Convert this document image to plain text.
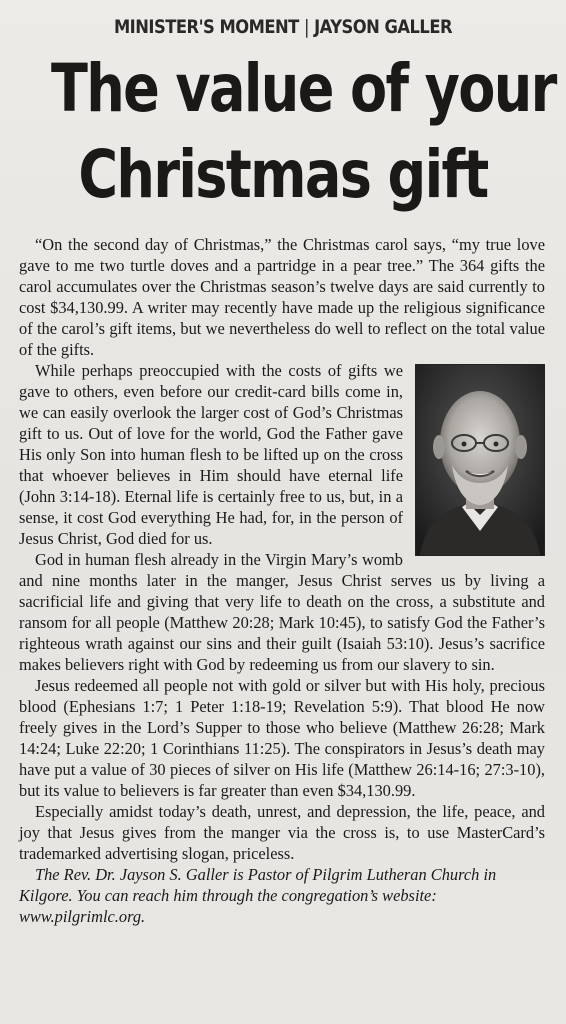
MINISTER'S MOMENT | JAYSON GALLER
The value of your
Christmas gift

“On the second day of Christmas,” the Christmas carol says, “my true love gave to me two turtle doves and a partridge in a pear tree.” The 364 gifts the carol accumulates over the Christmas season’s twelve days are said currently to cost $34,130.99. A writer may recently have made up the religious significance of the carol’s gift items, but we nevertheless do well to reflect on the total value of the gifts.

While perhaps preoccupied with the costs of gifts we gave to others, even before our credit-card bills come in, we can easily overlook the larger cost of God’s Christmas gift to us. Out of love for the world, God the Father gave His only Son into human flesh to be lifted up on the cross that whoever believes in Him should have eternal life (John 3:14-18). Eternal life is certainly free to us, but, in a sense, it cost God everything He had, for, in the person of Jesus Christ, God died for us.

God in human flesh already in the Virgin Mary’s womb and nine months later in the manger, Jesus Christ serves us by living a sacrificial life and giving that very life to death on the cross, a substitute and ransom for all people (Matthew 20:28; Mark 10:45), to satisfy God the Father’s righteous wrath against our sins and their guilt (Isaiah 53:10). Jesus’s sacrifice makes believers right with God by redeeming us from our slavery to sin.

Jesus redeemed all people not with gold or silver but with His holy, precious blood (Ephesians 1:7; 1 Peter 1:18-19; Revelation 5:9). That blood He now freely gives in the Lord’s Supper to those who believe (Matthew 26:28; Mark 14:24; Luke 22:20; 1 Corinthians 11:25). The conspirators in Jesus’s death may have put a value of 30 pieces of silver on His life (Matthew 26:14-16; 27:3-10), but its value to believers is far greater than even $34,130.99.

Especially amidst today’s death, unrest, and depression, the life, peace, and joy that Jesus gives from the manger via the cross is, to use MasterCard’s trademarked advertising slogan, priceless.

The Rev. Dr. Jayson S. Galler is Pastor of Pilgrim Lutheran Church in Kilgore. You can reach him through the congregation’s website: www.pilgrimlc.org.
